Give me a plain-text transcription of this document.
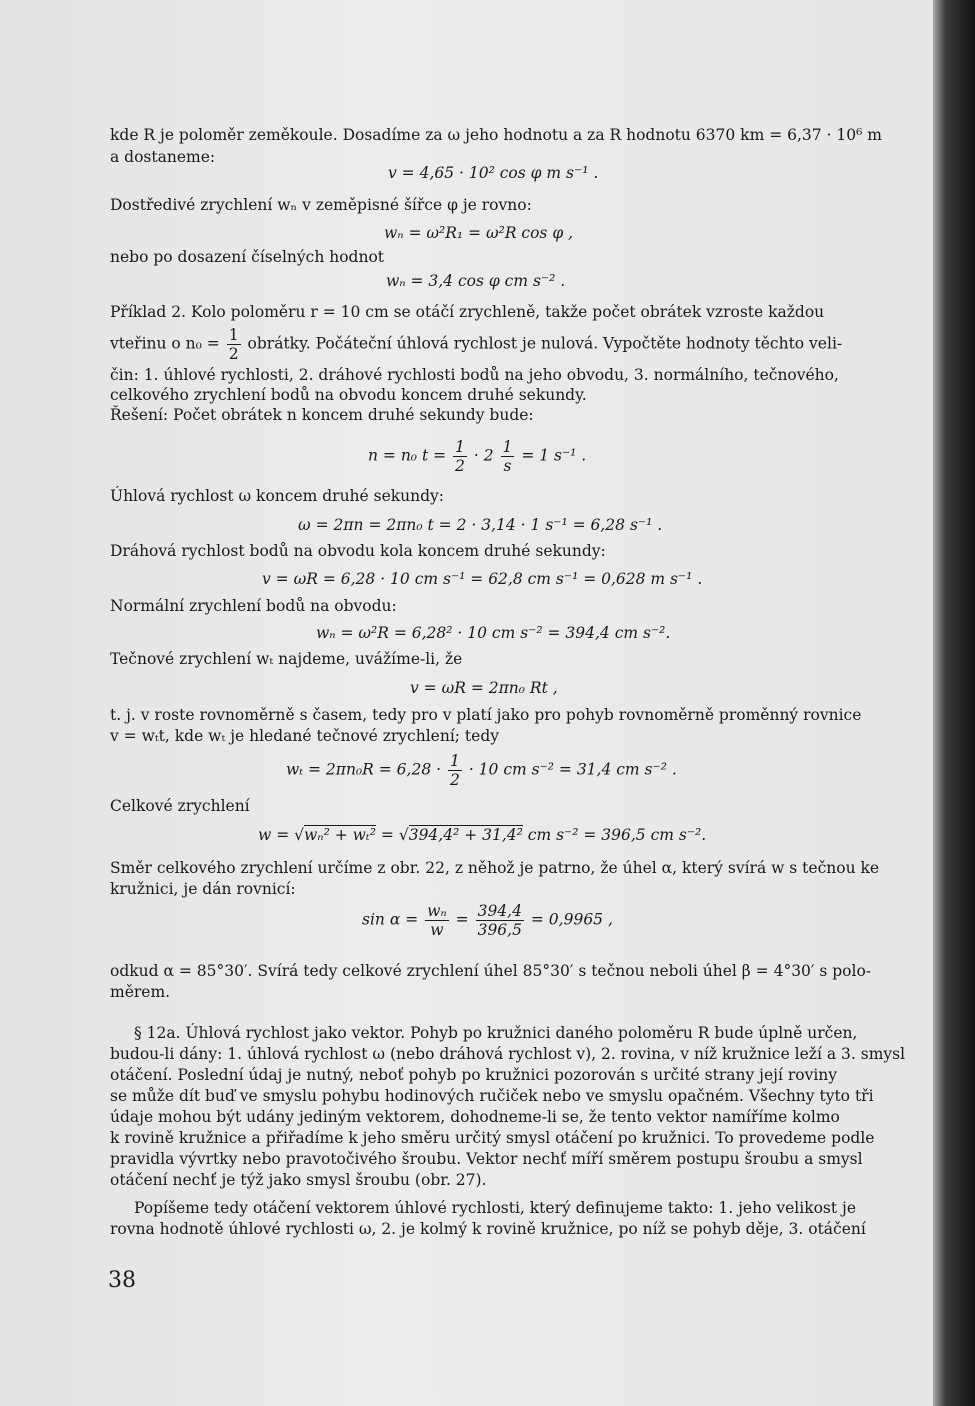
kde R je poloměr zeměkoule. Dosadíme za ω jeho hodnotu a za R hodnotu 6370 km = 6,37 · 10⁶ m
a dostaneme:
v = 4,65 · 10² cos φ m s⁻¹ .
Dostředivé zrychlení wₙ v zeměpisné šířce φ je rovno:
wₙ = ω²R₁ = ω²R cos φ ,
nebo po dosazení číselných hodnot
wₙ = 3,4 cos φ cm s⁻² .
Příklad 2. Kolo poloměru r = 10 cm se otáčí zrychleně, takže počet obrátek vzroste každou
vteřinu o $n_0 = \frac{1}{2}$ obrátky. Počáteční úhlová rychlost je nulová. Vypočtěte hodnoty těchto veli-
čin: 1. úhlové rychlosti, 2. dráhové rychlosti bodů na jeho obvodu, 3. normálního, tečnového,
celkového zrychlení bodů na obvodu koncem druhé sekundy.
Řešení: Počet obrátek n koncem druhé sekundy bude:
n = n₀ $t = \frac{1}{2} \cdot 2 \frac{1}{s} = 1$ s⁻¹ .
Úhlová rychlost ω koncem druhé sekundy:
ω = 2πn = 2πn₀ t = 2 · 3,14 · 1 s⁻¹ = 6,28 s⁻¹ .
Dráhová rychlost bodů na obvodu kola koncem druhé sekundy:
v = ωR = 6,28 · 10 cm s⁻¹ = 62,8 cm s⁻¹ = 0,628 m s⁻¹ .
Normální zrychlení bodů na obvodu:
wₙ = ω²R = 6,28² · 10 cm s⁻² = 394,4 cm s⁻².
Tečnové zrychlení wₜ najdeme, uvážíme-li, že
v = ωR = 2πn₀ Rt ,
t. j. v roste rovnoměrně s časem, tedy pro v platí jako pro pohyb rovnoměrně proměnný rovnice
v = wₜt, kde wₜ je hledané tečnové zrychlení; tedy
$w_t = 2\pi n_0R = 6,28 \cdot \frac{1}{2} \cdot 10$ cm s⁻² = 31,4 cm s⁻² .
Celkové zrychlení
w = √wₙ² + wₜ² = √394,4² + 31,4² cm s⁻² = 396,5 cm s⁻².
Směr celkového zrychlení určíme z obr. 22, z něhož je patrno, že úhel α, který svírá w s tečnou ke
kružnici, je dán rovnicí:
$\sin \alpha = \frac{\text{wₙ}}{w} = \frac{394,4}{396,5} = 0,9965$ ,
odkud α = 85°30′. Svírá tedy celkové zrychlení úhel 85°30′ s tečnou neboli úhel β = 4°30′ s polo-
měrem.
§ 12a. Úhlová rychlost jako vektor. Pohyb po kružnici daného poloměru R bude úplně určen,
budou-li dány: 1. úhlová rychlost ω (nebo dráhová rychlost v), 2. rovina, v níž kružnice leží a 3. smysl
otáčení. Poslední údaj je nutný, neboť pohyb po kružnici pozorován s určité strany její roviny
se může dít buď ve smyslu pohybu hodinových ručiček nebo ve smyslu opačném. Všechny tyto tři
údaje mohou být udány jediným vektorem, dohodneme-li se, že tento vektor namíříme kolmo
k rovině kružnice a přiřadíme k jeho směru určitý smysl otáčení po kružnici. To provedeme podle
pravidla vývrtky nebo pravotočivého šroubu. Vektor nechť míří směrem postupu šroubu a smysl
otáčení nechť je týž jako smysl šroubu (obr. 27).
Popíšeme tedy otáčení vektorem úhlové rychlosti, který definujeme takto: 1. jeho velikost je
rovna hodnotě úhlové rychlosti ω, 2. je kolmý k rovině kružnice, po níž se pohyb děje, 3. otáčení
38
